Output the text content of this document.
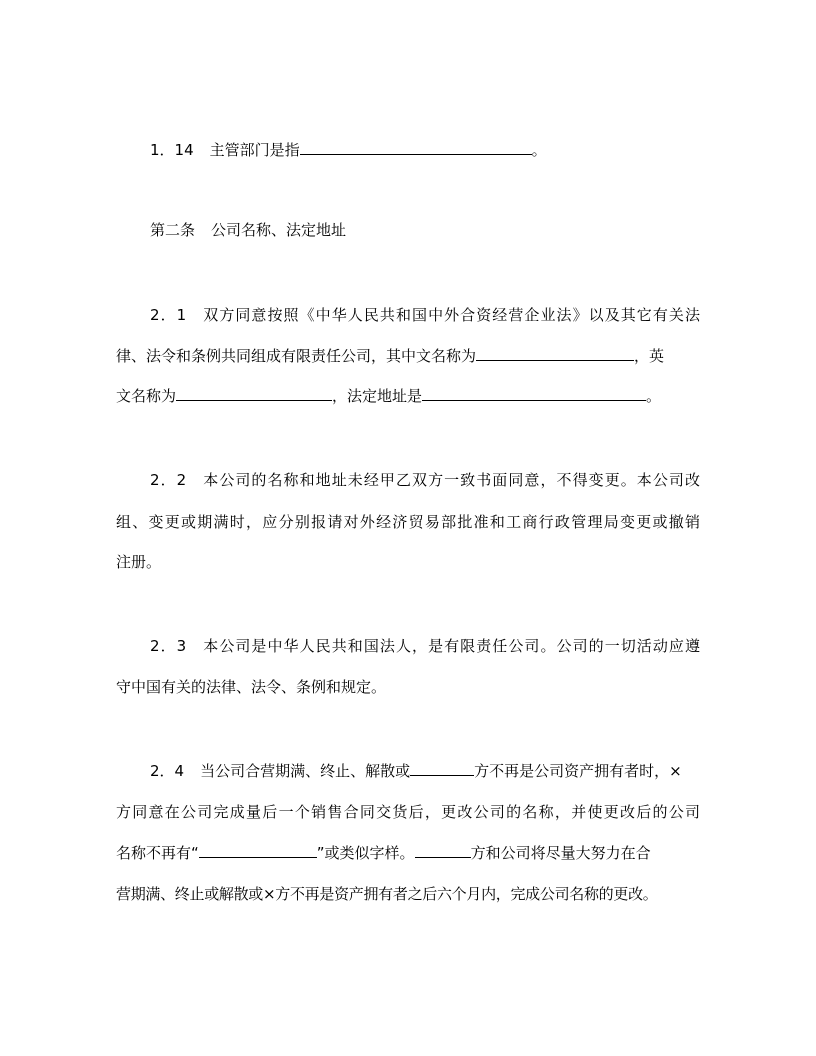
1．14 主管部门是指	。
第二条 公司名称、法定地址
2．1 双方同意按照《中华人民共和国中外合资经营企业法》以及其它有关法
律、法令和条例共同组成有限责任公司，其中文名称为	，英
文名称为	，法定地址是	。
2．2 本公司的名称和地址未经甲乙双方一致书面同意，不得变更。本公司改
组、变更或期满时，应分别报请对外经济贸易部批准和工商行政管理局变更或撤销
注册。
2．3 本公司是中华人民共和国法人，是有限责任公司。公司的一切活动应遵
守中国有关的法律、法令、条例和规定。
2．4 当公司合营期满、终止、解散或	方不再是公司资产拥有者时，×
方同意在公司完成量后一个销售合同交货后，更改公司的名称，并使更改后的公司
名称不再有“	”或类似字样。	方和公司将尽量大努力在合
营期满、终止或解散或×方不再是资产拥有者之后六个月内，完成公司名称的更改。
